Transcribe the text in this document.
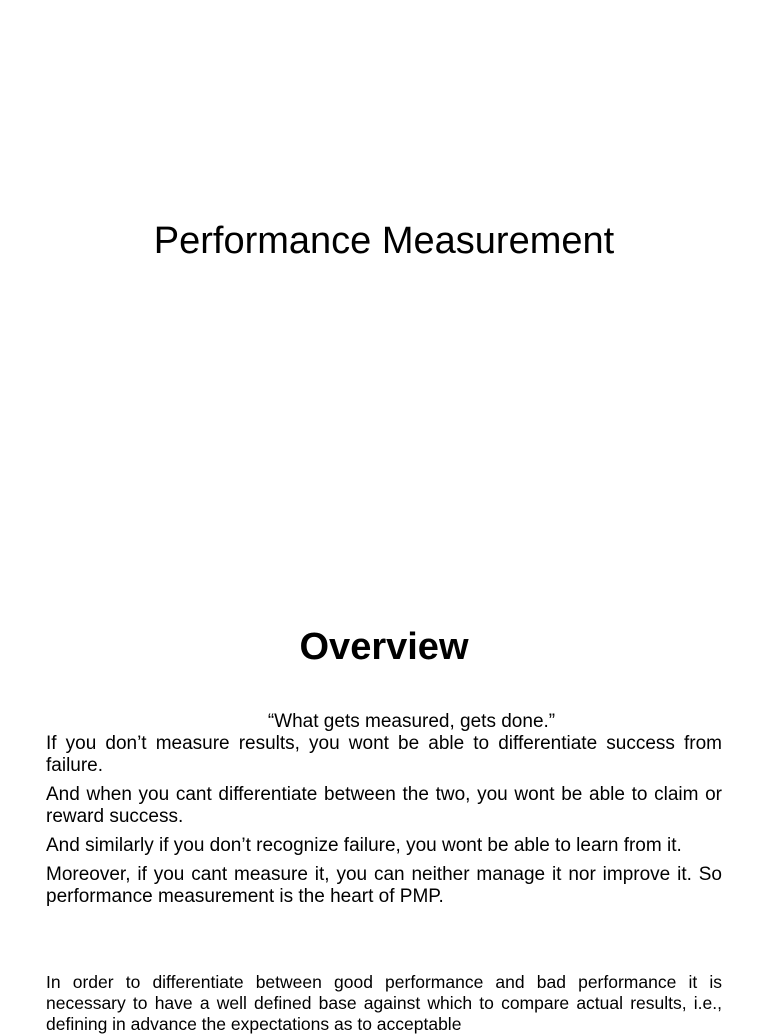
Performance Measurement
Overview

“What gets measured, gets done.”

If you don’t measure results, you wont be able to differentiate success from failure.

And when you cant differentiate between the two, you wont be able to claim or reward success.

And similarly if you don’t recognize failure, you wont be able to learn from it.

Moreover, if you cant measure it, you can neither manage it nor improve it. So performance measurement is the heart of PMP.

In order to differentiate between good performance and bad performance it is necessary to have a well defined base against which to compare actual results, i.e., defining in advance the expectations as to acceptable
